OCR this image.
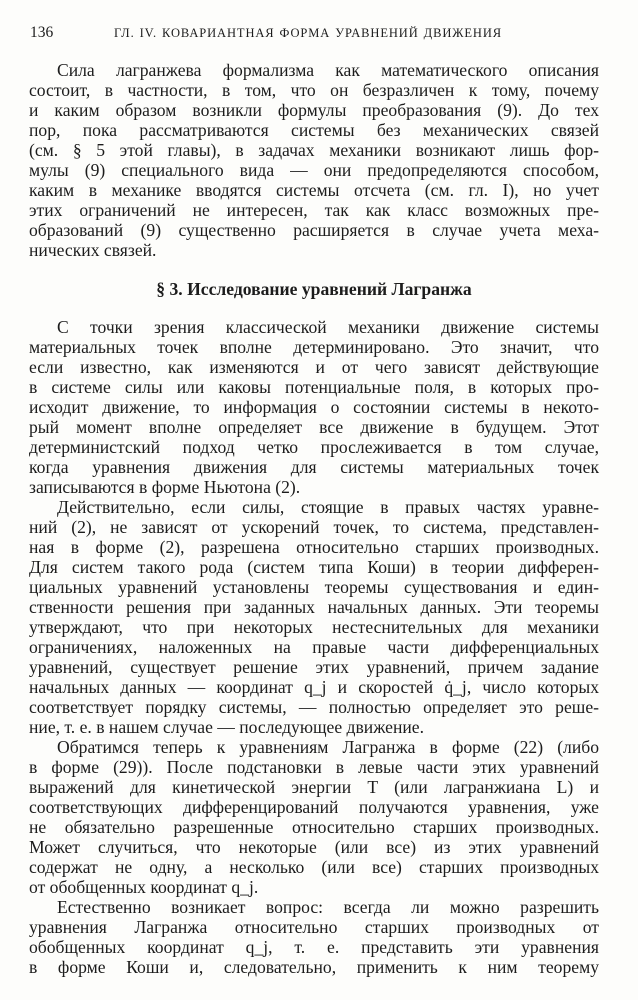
136	ГЛ. IV. КОВАРИАНТНАЯ ФОРМА УРАВНЕНИЙ ДВИЖЕНИЯ
Сила лагранжева формализма как математического описания
состоит, в частности, в том, что он безразличен к тому, почему
и каким образом возникли формулы преобразования (9). До тех
пор, пока рассматриваются системы без механических связей
(см. § 5 этой главы), в задачах механики возникают лишь фор-
мулы (9) специального вида — они предопределяются способом,
каким в механике вводятся системы отсчета (см. гл. I), но учет
этих ограничений не интересен, так как класс возможных пре-
образований (9) существенно расширяется в случае учета меха-
нических связей.
§ 3. Исследование уравнений Лагранжа
С точки зрения классической механики движение системы
материальных точек вполне детерминировано. Это значит, что
если известно, как изменяются и от чего зависят действующие
в системе силы или каковы потенциальные поля, в которых про-
исходит движение, то информация о состоянии системы в некото-
рый момент вполне определяет все движение в будущем. Этот
детерминистский подход четко прослеживается в том случае,
когда уравнения движения для системы материальных точек
записываются в форме Ньютона (2).
Действительно, если силы, стоящие в правых частях уравне-
ний (2), не зависят от ускорений точек, то система, представлен-
ная в форме (2), разрешена относительно старших производных.
Для систем такого рода (систем типа Коши) в теории дифферен-
циальных уравнений установлены теоремы существования и един-
ственности решения при заданных начальных данных. Эти теоремы
утверждают, что при некоторых нестеснительных для механики
ограничениях, наложенных на правые части дифференциальных
уравнений, существует решение этих уравнений, причем задание
начальных данных — координат q_j и скоростей q̇_j, число которых
соответствует порядку системы, — полностью определяет это реше-
ние, т. е. в нашем случае — последующее движение.
Обратимся теперь к уравнениям Лагранжа в форме (22) (либо
в форме (29)). После подстановки в левые части этих уравнений
выражений для кинетической энергии T (или лагранжиана L) и
соответствующих дифференцирований получаются уравнения, уже
не обязательно разрешенные относительно старших производных.
Может случиться, что некоторые (или все) из этих уравнений
содержат не одну, а несколько (или все) старших производных
от обобщенных координат q_j.
Естественно возникает вопрос: всегда ли можно разрешить
уравнения Лагранжа относительно старших производных от
обобщенных координат q_j, т. е. представить эти уравнения
в форме Коши и, следовательно, применить к ним теорему
